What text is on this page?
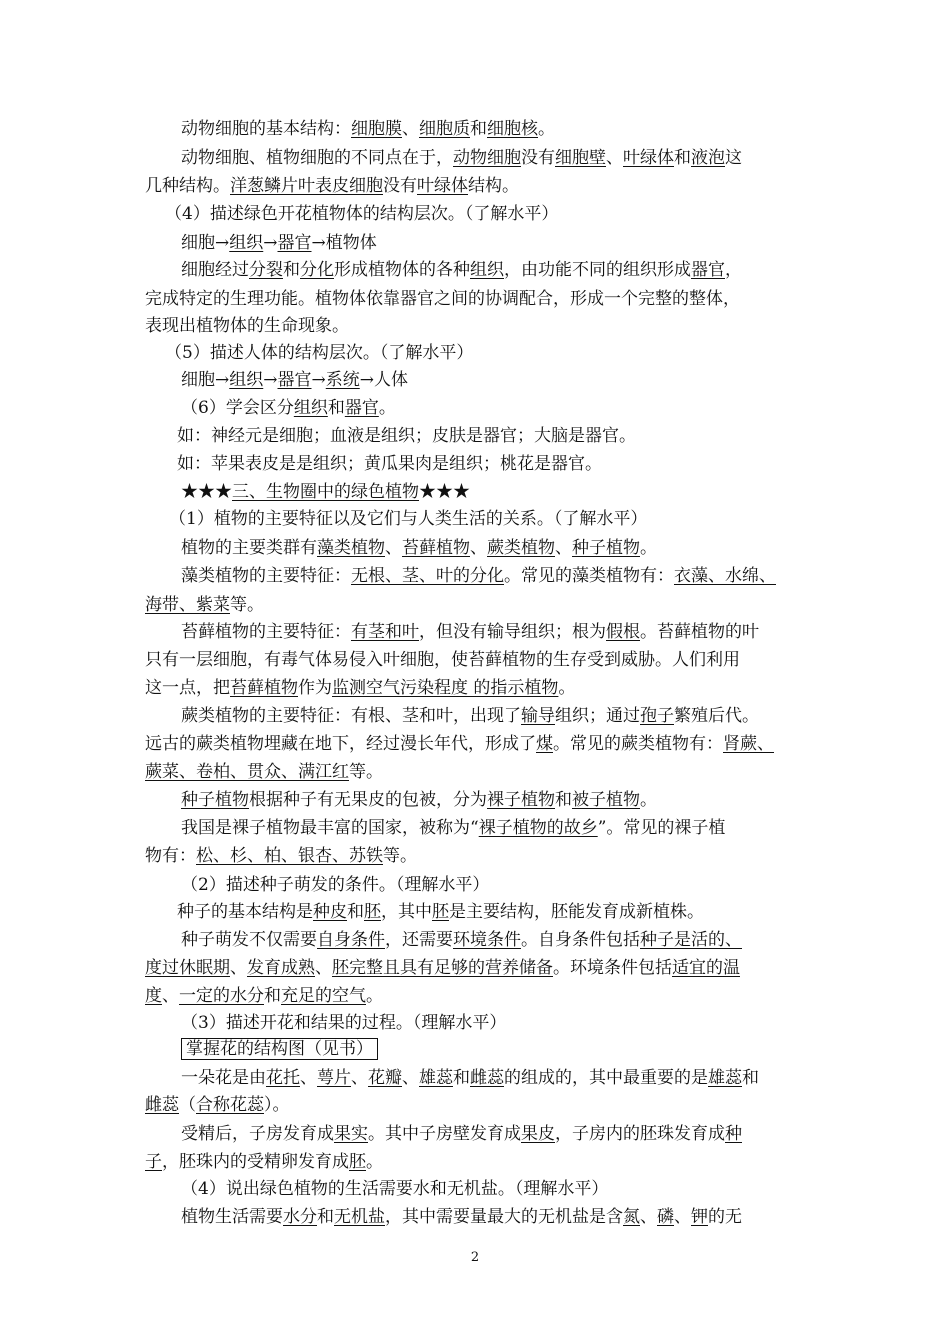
动物细胞的基本结构：细胞膜、细胞质和细胞核。
动物细胞、植物细胞的不同点在于，动物细胞没有细胞壁、叶绿体和液泡这
几种结构。洋葱鳞片叶表皮细胞没有叶绿体结构。
（4）描述绿色开花植物体的结构层次。（了解水平）
细胞→组织→器官→植物体
细胞经过分裂和分化形成植物体的各种组织，由功能不同的组织形成器官，
完成特定的生理功能。植物体依靠器官之间的协调配合，形成一个完整的整体，
表现出植物体的生命现象。
（5）描述人体的结构层次。（了解水平）
细胞→组织→器官→系统→人体
（6）学会区分组织和器官。
如：神经元是细胞；血液是组织；皮肤是器官；大脑是器官。
如：苹果表皮是是组织；黄瓜果肉是组织；桃花是器官。
★★★三、生物圈中的绿色植物★★★
（1）植物的主要特征以及它们与人类生活的关系。（了解水平）
植物的主要类群有藻类植物、苔藓植物、蕨类植物、种子植物。
藻类植物的主要特征：无根、茎、叶的分化。常见的藻类植物有：衣藻、水绵、
海带、紫菜等。
苔藓植物的主要特征：有茎和叶，但没有输导组织；根为假根。苔藓植物的叶
只有一层细胞，有毒气体易侵入叶细胞，使苔藓植物的生存受到威胁。人们利用
这一点，把苔藓植物作为监测空气污染程度 的指示植物。
蕨类植物的主要特征：有根、茎和叶，出现了输导组织；通过孢子繁殖后代。
远古的蕨类植物埋藏在地下，经过漫长年代，形成了煤。常见的蕨类植物有：肾蕨、
蕨菜、卷柏、贯众、满江红等。
种子植物根据种子有无果皮的包被，分为裸子植物和被子植物。
我国是裸子植物最丰富的国家，被称为“裸子植物的故乡”。常见的裸子植
物有：松、杉、柏、银杏、苏铁等。
（2）描述种子萌发的条件。（理解水平）
种子的基本结构是种皮和胚，其中胚是主要结构，胚能发育成新植株。
种子萌发不仅需要自身条件，还需要环境条件。自身条件包括种子是活的、
度过休眠期、发育成熟、胚完整且具有足够的营养储备。环境条件包括适宜的温
度、一定的水分和充足的空气。
（3）描述开花和结果的过程。（理解水平）
掌握花的结构图（见书）
一朵花是由花托、萼片、花瓣、雄蕊和雌蕊的组成的，其中最重要的是雄蕊和
雌蕊（合称花蕊）。
受精后，子房发育成果实。其中子房壁发育成果皮，子房内的胚珠发育成种
子，胚珠内的受精卵发育成胚。
（4）说出绿色植物的生活需要水和无机盐。（理解水平）
植物生活需要水分和无机盐，其中需要量最大的无机盐是含氮、磷、钾的无
2
